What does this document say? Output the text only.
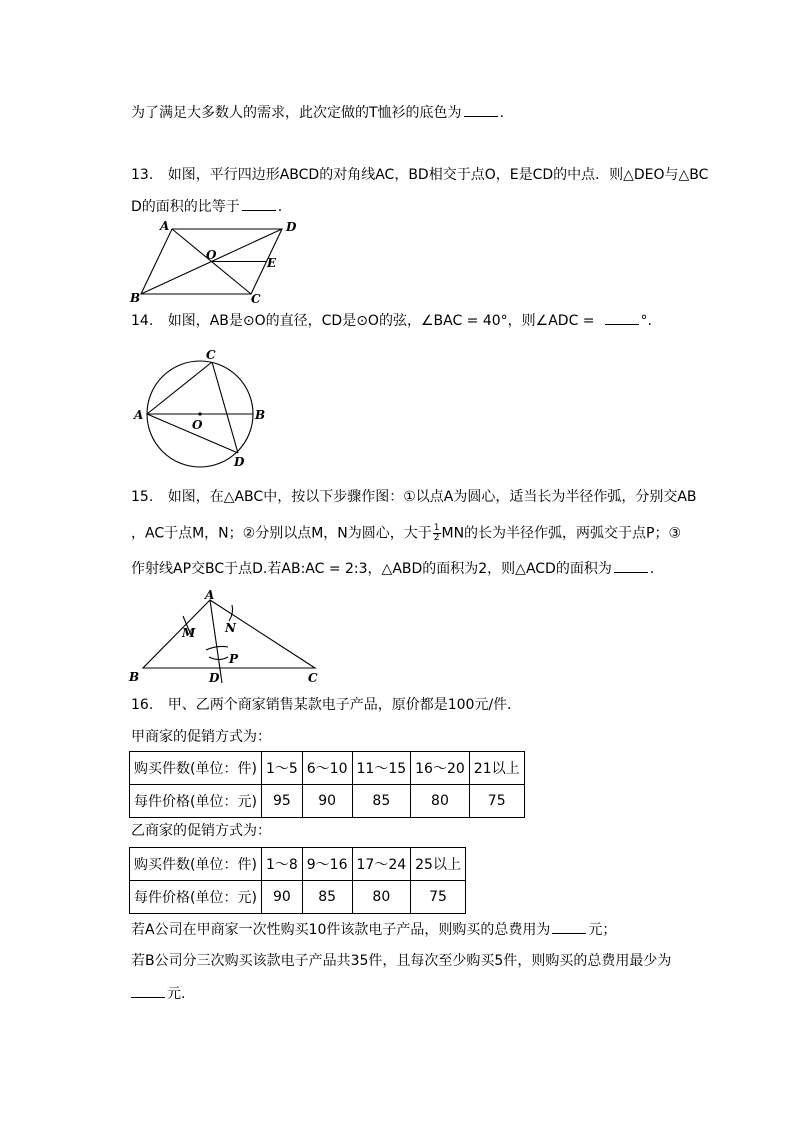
为了满足大多数人的需求，此次定做的T恤衫的底色为	.
13. 如图，平行四边形ABCD的对角线AC，BD相交于点O，E是CD的中点．则△DEO与△BC
D的面积的比等于	.
A	D
O
E
B	C
14. 如图，AB是⊙O的直径，CD是⊙O的弦，∠BAC = 40°，则∠ADC =	°.
A	B
C
D
O
15. 如图，在△ABC中，按以下步骤作图：①以点A为圆心，适当长为半径作弧，分别交AB
，AC于点M，N；②分别以点M，N为圆心，大于 $\frac{1}{2}$ MN的长为半径作弧，两弧交于点P；③
作射线AP交BC于点D.若AB:AC = 2:3，△ABD的面积为2，则△ACD的面积为	.
A
B	C
D
M N
P
16. 甲、乙两个商家销售某款电子产品，原价都是100元/件．
甲商家的促销方式为：
购买件数(单位：件)	1～5	6～10	11～15	16～20	21以上
每件价格(单位：元)	95	90	85	80	75
乙商家的促销方式为：
购买件数(单位：件)	1～8	9～16	17～24	25以上
每件价格(单位：元)	90	85	80	75
若A公司在甲商家一次性购买10件该款电子产品，则购买的总费用为	元；
若B公司分三次购买该款电子产品共35件，且每次至少购买5件，则购买的总费用最少为
元.
